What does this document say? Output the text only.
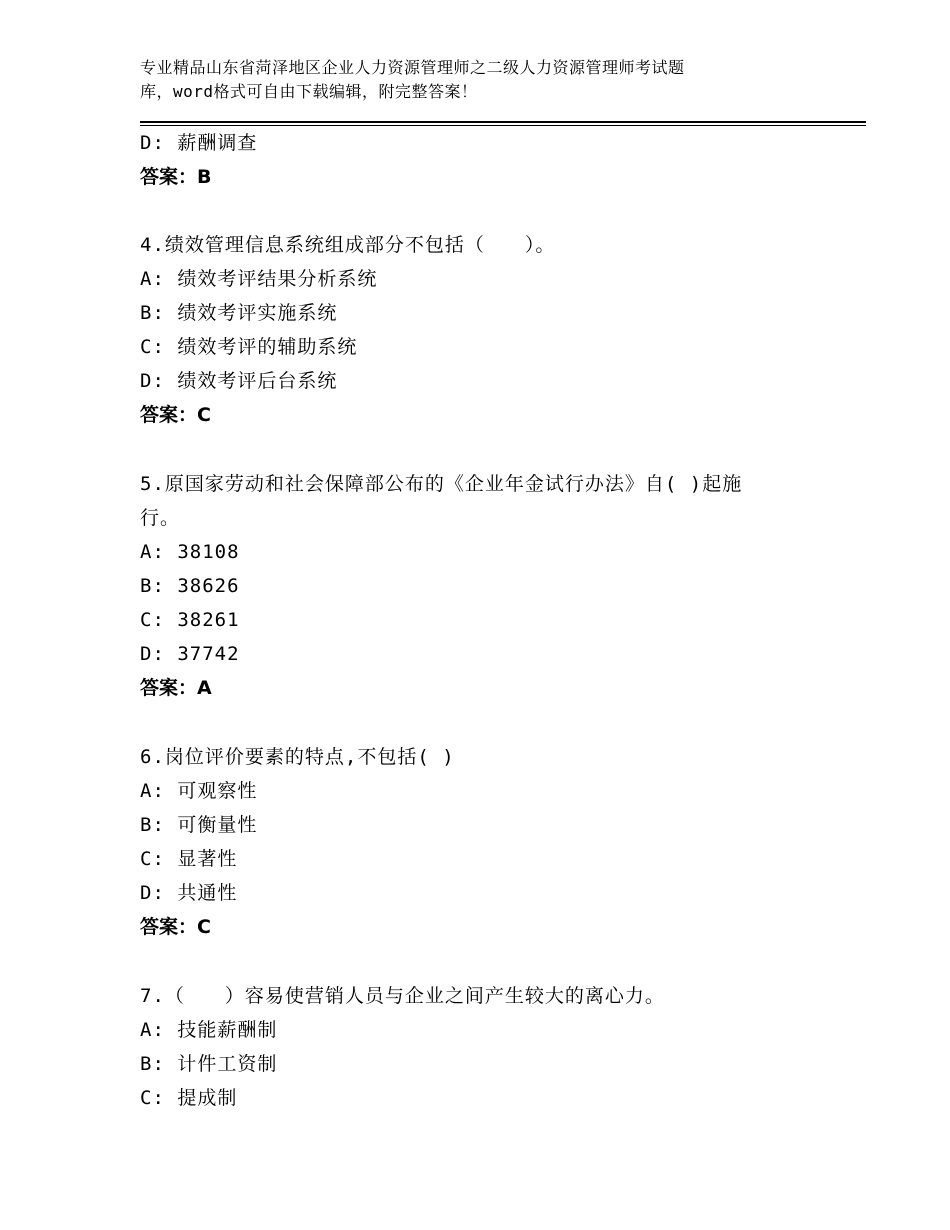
专业精品山东省菏泽地区企业人力资源管理师之二级人力资源管理师考试题
库，word格式可自由下载编辑，附完整答案！
D: 薪酬调查
答案：B
4.绩效管理信息系统组成部分不包括（　　）。
A: 绩效考评结果分析系统
B: 绩效考评实施系统
C: 绩效考评的辅助系统
D: 绩效考评后台系统
答案：C
5.原国家劳动和社会保障部公布的《企业年金试行办法》自( )起施
行。
A: 38108
B: 38626
C: 38261
D: 37742
答案：A
6.岗位评价要素的特点,不包括( )
A: 可观察性
B: 可衡量性
C: 显著性
D: 共通性
答案：C
7.（　　）容易使营销人员与企业之间产生较大的离心力。
A: 技能薪酬制
B: 计件工资制
C: 提成制
